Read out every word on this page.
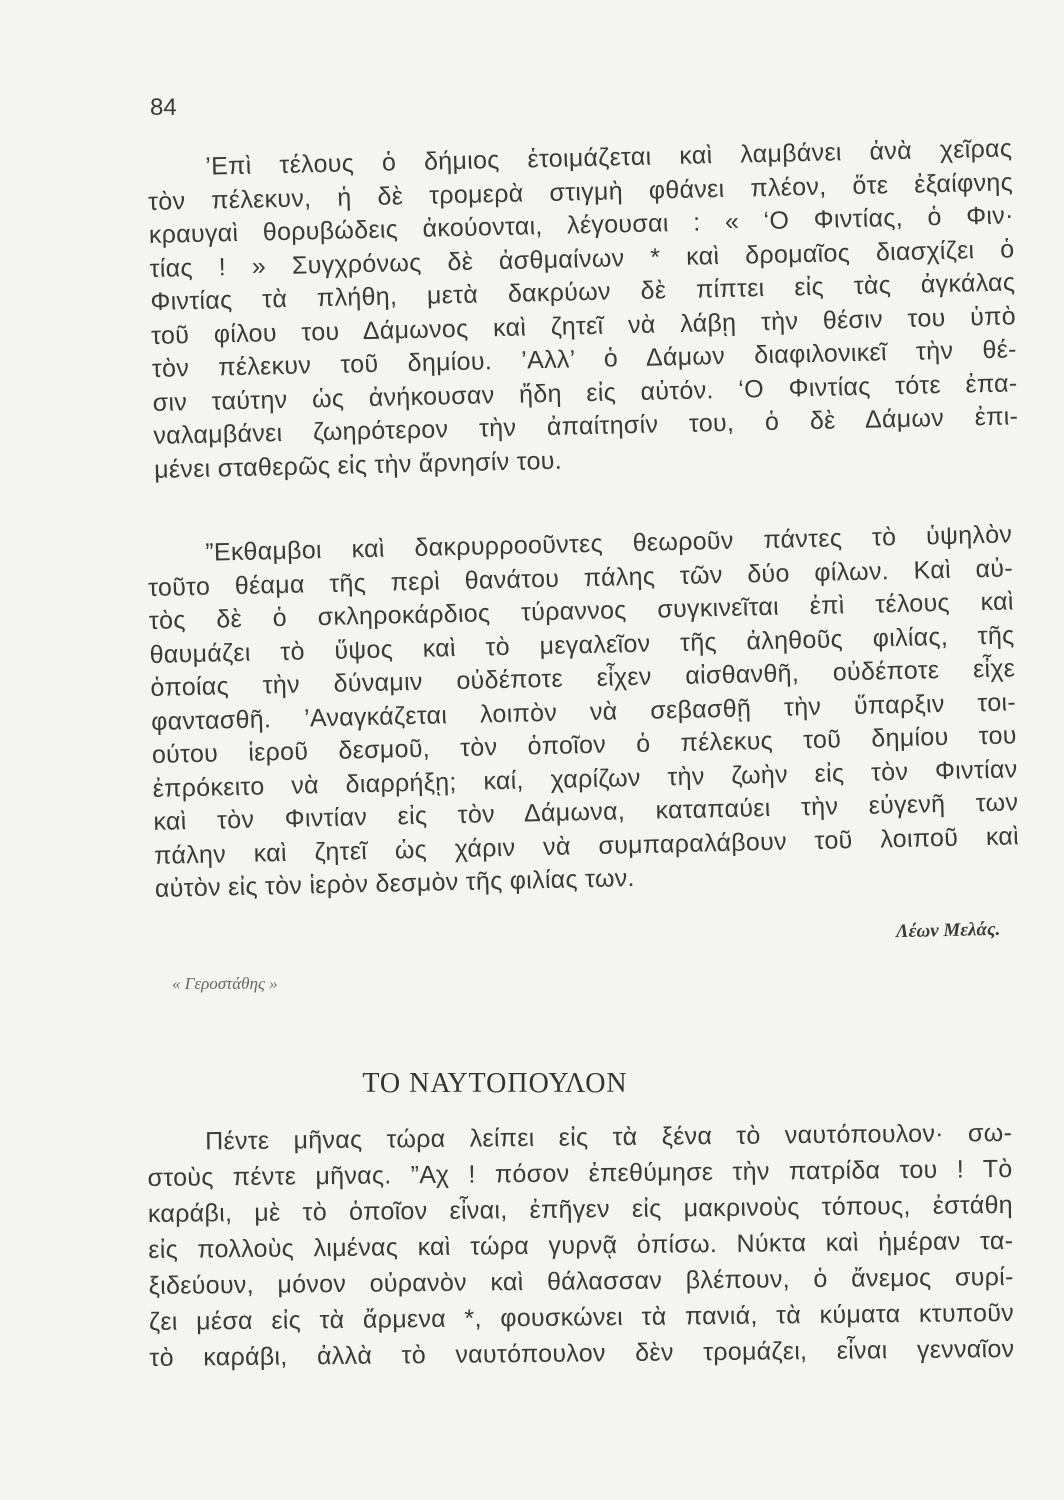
84
’Επὶ τέλους ὁ δήμιος ἑτοιμάζεται καὶ λαμβάνει ἀνὰ χεῖρας
τὸν πέλεκυν, ἡ δὲ τρομερὰ στιγμὴ φθάνει πλέον, ὅτε ἐξαίφνης
κραυγαὶ θορυβώδεις ἀκούονται, λέγουσαι : « ‘Ο Φιντίας, ὁ Φιν·
τίας ! » Συγχρόνως δὲ ἀσθμαίνων * καὶ δρομαῖος διασχίζει ὁ
Φιντίας τὰ πλήθη, μετὰ δακρύων δὲ πίπτει εἰς τὰς ἀγκάλας
τοῦ φίλου του Δάμωνος καὶ ζητεῖ νὰ λάβῃ τὴν θέσιν του ὑπὸ
τὸν πέλεκυν τοῦ δημίου. ’Αλλ’ ὁ Δάμων διαφιλονικεῖ τὴν θέ-
σιν ταύτην ὡς ἀνήκουσαν ἤδη εἰς αὐτόν. ‘Ο Φιντίας τότε ἐπα-
ναλαμβάνει ζωηρότερον τὴν ἀπαίτησίν του, ὁ δὲ Δάμων ἐπι-
μένει σταθερῶς εἰς τὴν ἄρνησίν του.
”Εκθαμβοι καὶ δακρυρροοῦντες θεωροῦν πάντες τὸ ὑψηλὸν
τοῦτο θέαμα τῆς περὶ θανάτου πάλης τῶν δύο φίλων. Καὶ αὐ-
τὸς δὲ ὁ σκληροκάρδιος τύραννος συγκινεῖται ἐπὶ τέλους καὶ
θαυμάζει τὸ ὕψος καὶ τὸ μεγαλεῖον τῆς ἀληθοῦς φιλίας, τῆς
ὁποίας τὴν δύναμιν οὐδέποτε εἶχεν αἰσθανθῆ, οὐδέποτε εἶχε
φαντασθῆ. ’Αναγκάζεται λοιπὸν νὰ σεβασθῇ τὴν ὕπαρξιν τοι-
ούτου ἱεροῦ δεσμοῦ, τὸν ὁποῖον ὁ πέλεκυς τοῦ δημίου του
ἐπρόκειτο νὰ διαρρήξῃ; καί, χαρίζων τὴν ζωὴν εἰς τὸν Φιντίαν
καὶ τὸν Φιντίαν εἰς τὸν Δάμωνα, καταπαύει τὴν εὐγενῆ των
πάλην καὶ ζητεῖ ὡς χάριν νὰ συμπαραλάβουν τοῦ λοιποῦ καὶ
αὐτὸν εἰς τὸν ἱερὸν δεσμὸν τῆς φιλίας των.
Λέων Μελάς.
« Γεροστάθης »
ΤΟ ΝΑΥΤΟΠΟΥΛΟΝ
Πέντε μῆνας τώρα λείπει εἰς τὰ ξένα τὸ ναυτόπουλον· σω-
στοὺς πέντε μῆνας. ”Αχ ! πόσον ἐπεθύμησε τὴν πατρίδα του ! Τὸ
καράβι, μὲ τὸ ὁποῖον εἶναι, ἐπῆγεν εἰς μακρινοὺς τόπους, ἐστάθη
εἰς πολλοὺς λιμένας καὶ τώρα γυρνᾷ ὀπίσω. Νύκτα καὶ ἡμέραν τα-
ξιδεύουν, μόνον οὐρανὸν καὶ θάλασσαν βλέπουν, ὁ ἄνεμος συρί-
ζει μέσα εἰς τὰ ἄρμενα *, φουσκώνει τὰ πανιά, τὰ κύματα κτυποῦν
τὸ καράβι, ἀλλὰ τὸ ναυτόπουλον δὲν τρομάζει, εἶναι γενναῖον
